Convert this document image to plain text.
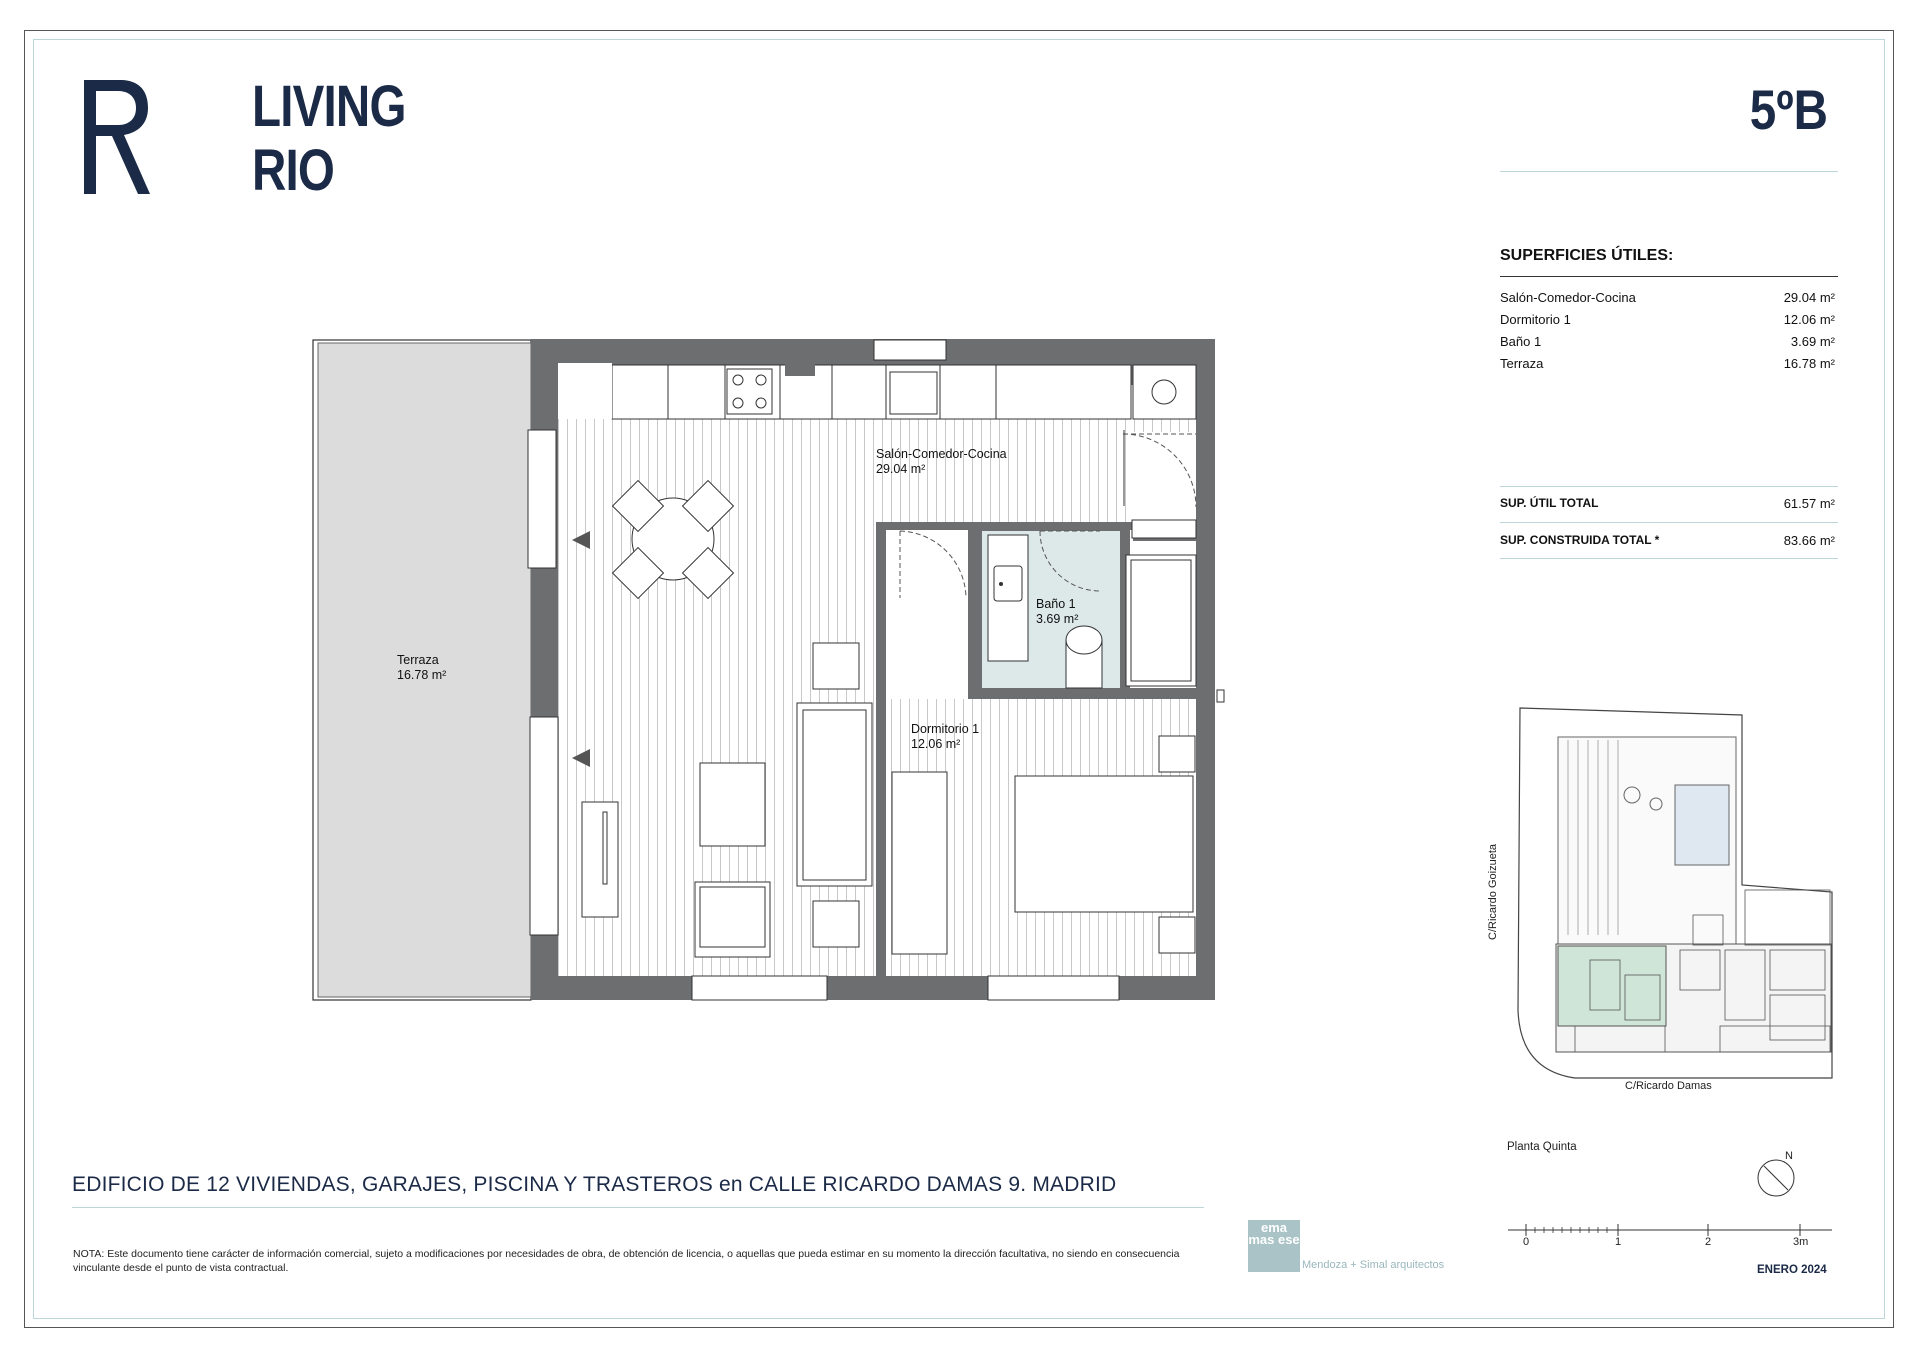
LIVING
RIO
5ºB
SUPERFICIES ÚTILES:
Salón-Comedor-Cocina	29.04 m²
Dormitorio 1	12.06 m²
Baño 1	3.69 m²
Terraza	16.78 m²
SUP. ÚTIL TOTAL	61.57 m²
SUP. CONSTRUIDA TOTAL *	83.66 m²
Salón-Comedor-Cocina
29.04 m²
Baño 1
3.69 m²
Dormitorio 1
12.06 m²
Terraza
16.78 m²
C/Ricardo Goizueta
C/Ricardo Damas
Planta Quinta
N
0	1	2	3m
EDIFICIO DE 12 VIVIENDAS, GARAJES, PISCINA Y TRASTEROS en CALLE RICARDO DAMAS 9. MADRID
NOTA: Este documento tiene carácter de información comercial, sujeto a modificaciones por necesidades de obra, de obtención de licencia, o aquellas que pueda estimar en su momento la dirección facultativa, no siendo en consecuencia vinculante desde el punto de vista contractual.
ema mas ese
Mendoza + Simal arquitectos	ENERO 2024
